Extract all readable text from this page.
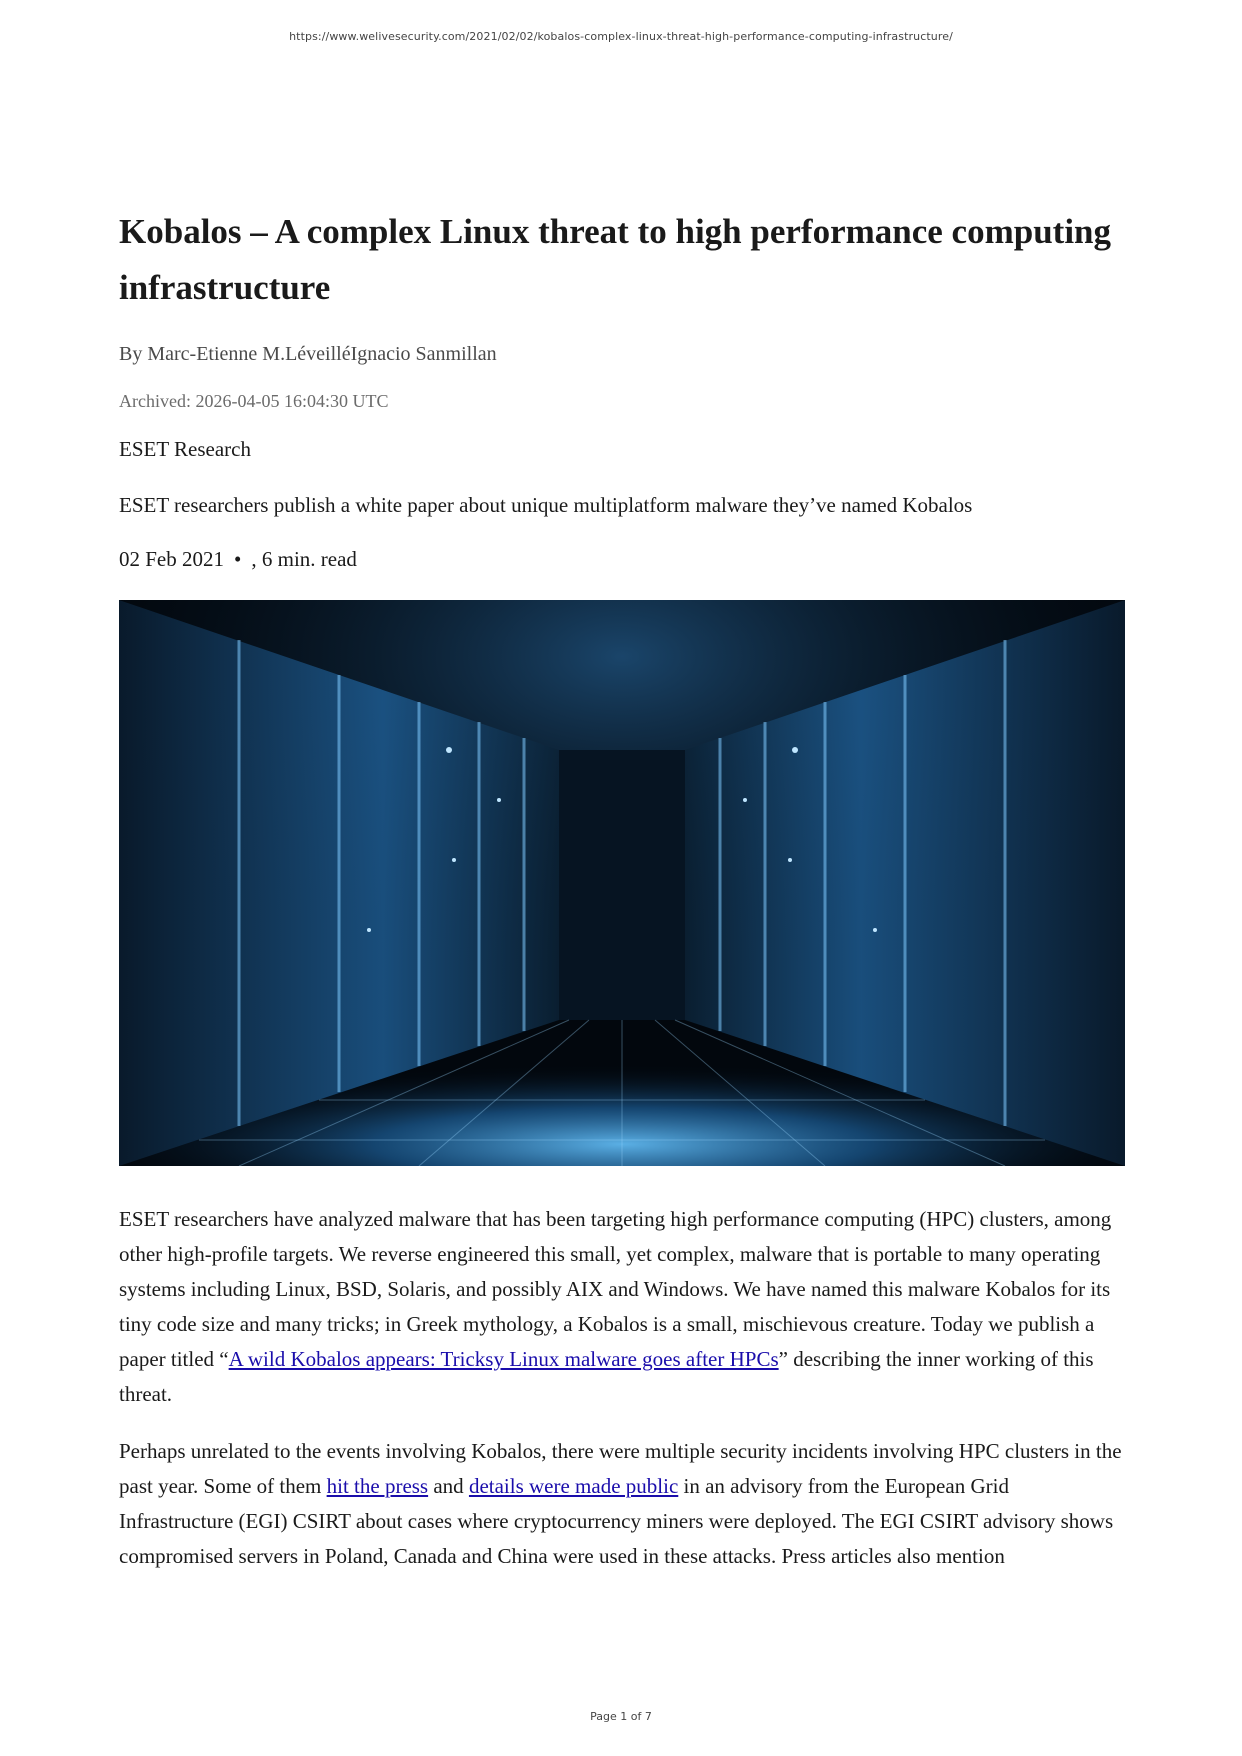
https://www.welivesecurity.com/2021/02/02/kobalos-complex-linux-threat-high-performance-computing-infrastructure/
Kobalos – A complex Linux threat to high performance computing infrastructure
By Marc-Etienne M.LéveilléIgnacio Sanmillan
Archived: 2026-04-05 16:04:30 UTC
ESET Research
ESET researchers publish a white paper about unique multiplatform malware they’ve named Kobalos
02 Feb 2021 • , 6 min. read

ESET researchers have analyzed malware that has been targeting high performance computing (HPC) clusters, among other high-profile targets. We reverse engineered this small, yet complex, malware that is portable to many operating systems including Linux, BSD, Solaris, and possibly AIX and Windows. We have named this malware Kobalos for its tiny code size and many tricks; in Greek mythology, a Kobalos is a small, mischievous creature. Today we publish a paper titled “A wild Kobalos appears: Tricksy Linux malware goes after HPCs” describing the inner working of this threat.

Perhaps unrelated to the events involving Kobalos, there were multiple security incidents involving HPC clusters in the past year. Some of them hit the press and details were made public in an advisory from the European Grid Infrastructure (EGI) CSIRT about cases where cryptocurrency miners were deployed. The EGI CSIRT advisory shows compromised servers in Poland, Canada and China were used in these attacks. Press articles also mention

Page 1 of 7
